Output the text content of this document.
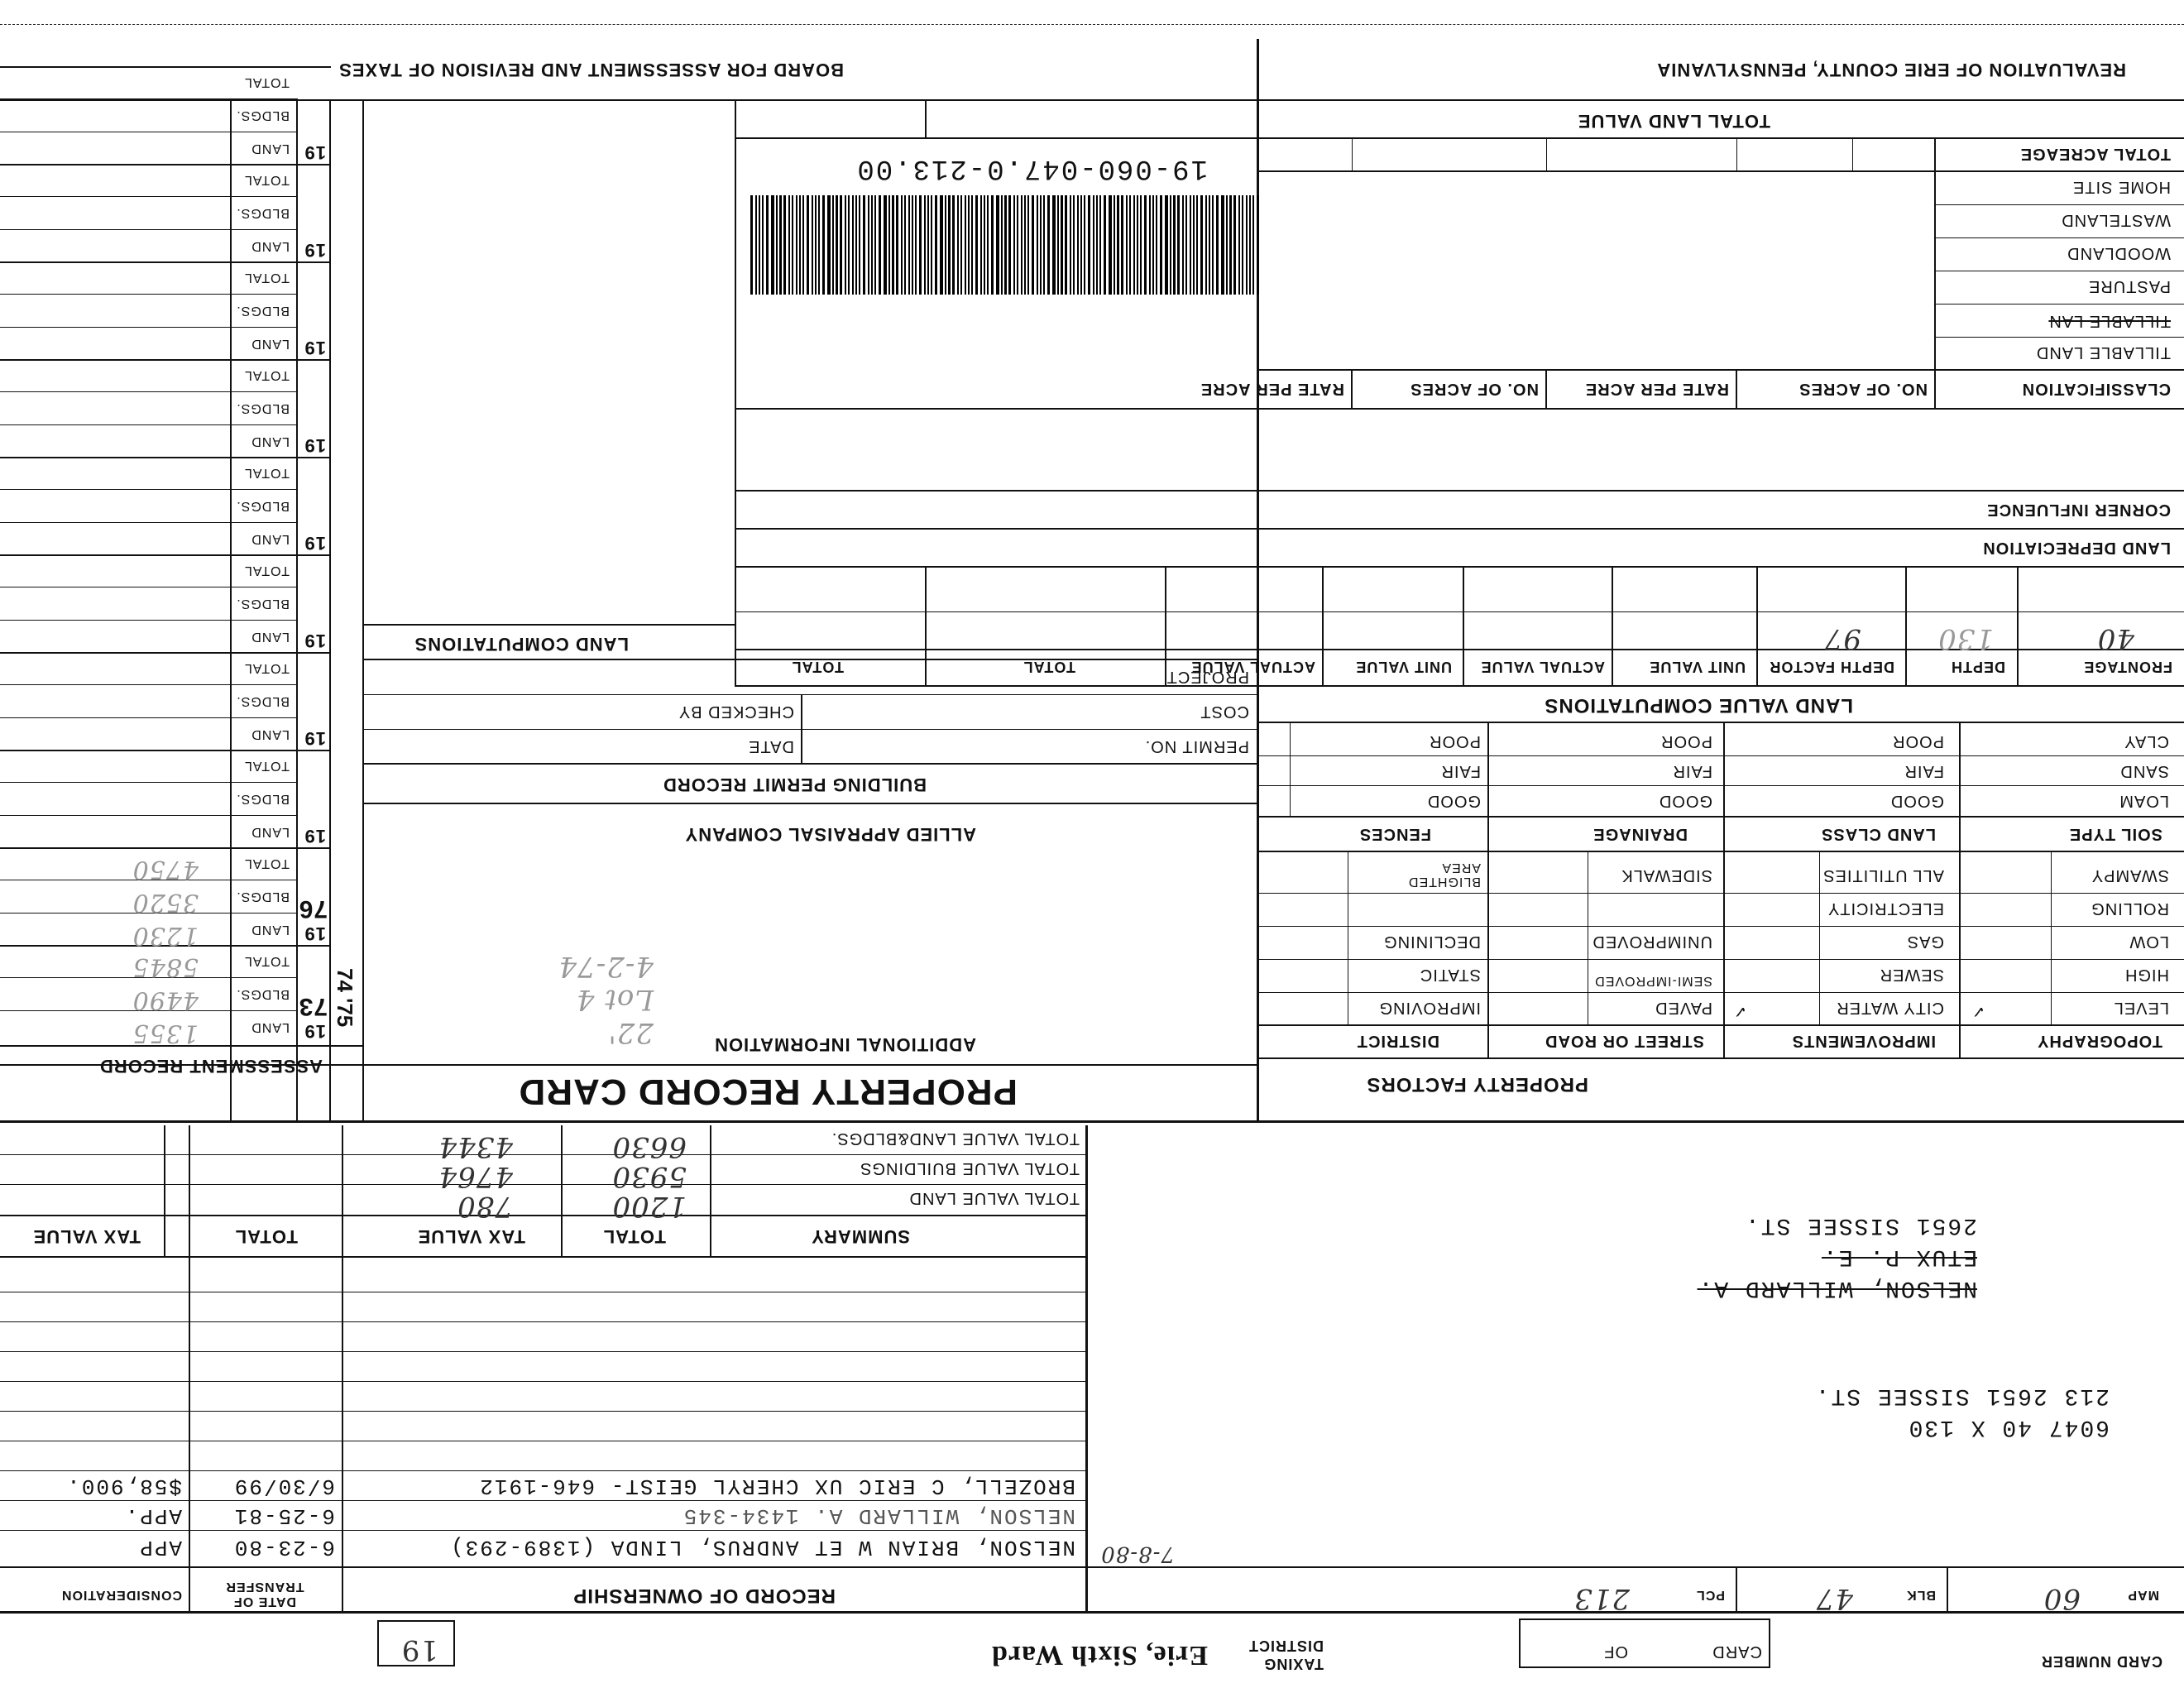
CARD NUMBER
CARD
OF
TAXING DISTRICT
Erie, Sixth Ward
19
MAP
60
BLK
47
PCL
213
6047 40 X 130
213 2651 SISSEE ST.
NELSON, WILLARD A.
ETUX P. E.
2651 SISSEE ST.
RECORD OF OWNERSHIP
DATE OF TRANSFER
CONSIDERATION
NELSON, BRIAN W ET ANDRUS, LINDA (1389-293)
6-23-80
APP	7-8-80
NELSON, WILLARD A. 1434-345
6-25-81
APP.
BROZELL, C ERIC UX CHERYL GEIST- 646-1912
6/30/99
$58,900.
SUMMARY
TOTAL
TAX VALUE
TOTAL
TAX VALUE
TOTAL VALUE LAND
1200
780
TOTAL VALUE BUILDINGS
5930
4764
TOTAL VALUE LAND&BLDGS.
6630
4344
PROPERTY FACTORS
TOPOGRAPHY
IMPROVEMENTS
STREET OR ROAD
DISTRICT
LEVEL
HIGH
LOW
ROLLING
SWAMPY
CITY WATER
SEWER
GAS
ELECTRICITY
ALL UTILITIES
✓
PAVED
SEMI-IMPROVED
UNIMPROVED
SIDEWALK
✓
IMPROVING
STATIC
DECLINING
BLIGHTED AREA
SOIL TYPE
LAND CLASS
DRAINAGE
FENCES
LOAM
SAND
CLAY
GOOD
FAIR
POOR
GOOD
FAIR
POOR
GOOD
FAIR
POOR
LAND VALUE COMPUTATIONS
FRONTAGE
DEPTH
DEPTH FACTOR
UNIT VALUE
ACTUAL VALUE
UNIT VALUE
ACTUAL VALUE
TOTAL
TOTAL
40
130
97
LAND DEPRECIATION
CORNER INFLUENCE
CLASSIFICATION
NO. OF ACRES
RATE PER ACRE
NO. OF ACRES
RATE PER ACRE
TILLABLE LAND
TILLABLE LAN
PASTURE
WOODLAND
WASTELAND
HOME SITE
TOTAL ACREAGE
19-060-047.0-213.00
TOTAL LAND VALUE
PROPERTY RECORD CARD
ADDITIONAL INFORMATION
22'
Lot 4
4-2-74
ALLIED APPRAISAL COMPANY
BUILDING PERMIT RECORD
PERMIT NO.
DATE
COST
CHECKED BY
PROJECT
LAND COMPUTATIONS
ASSESSMENT RECORD
74 '75
19
73
LAND
BLDGS.
TOTAL
1355
4490
5845
19
76
LAND
BLDGS.
TOTAL
1230
3520
4750
19
LAND
BLDGS.
TOTAL
19
LAND
BLDGS.
TOTAL
19
LAND
BLDGS.
TOTAL
19
LAND
BLDGS.
TOTAL
19
LAND
BLDGS.
TOTAL
19
LAND
BLDGS.
TOTAL
19
LAND
BLDGS.
TOTAL
19
LAND
BLDGS.
TOTAL
REVALUATION OF ERIE COUNTY, PENNSYLVANIA
BOARD FOR ASSESSMENT AND REVISION OF TAXES
